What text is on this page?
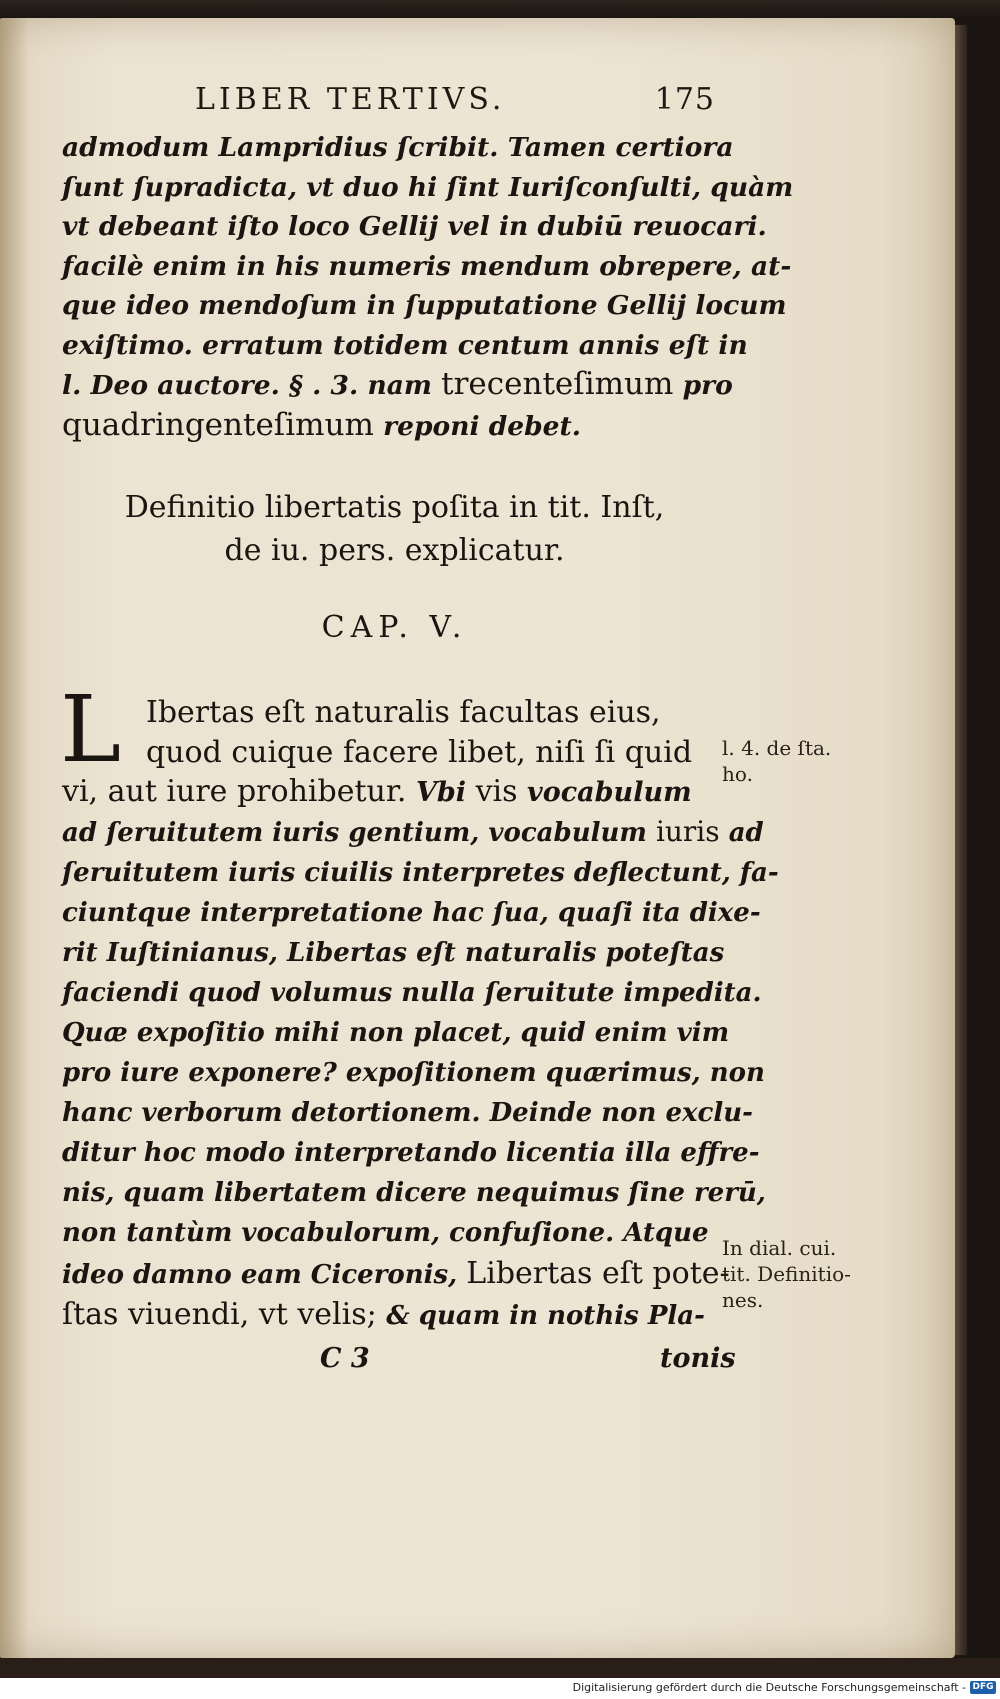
LIBER TERTIVS.	175
admodum Lampridius ſcribit. Tamen certiora
ſunt ſupradicta, vt duo hi ſint Iuriſconſulti, quàm
vt debeant iſto loco Gellij vel in dubiū reuocari.
facilè enim in his numeris mendum obrepere, at-
que ideo mendoſum in ſupputatione Gellij locum
exiſtimo. erratum totidem centum annis eſt in
l. Deo auctore. § . 3. nam trecenteſimum pro
quadringenteſimum reponi debet.
Definitio libertatis poſita in tit. Inſt,
de iu. pers. explicatur.
CAP. V.
L Ibertas eſt naturalis facultas eius,
quod cuique facere libet, niſi ſi quid
vi, aut iure prohibetur. Vbi vis vocabulum
ad ſeruitutem iuris gentium, vocabulum iuris ad
ſeruitutem iuris ciuilis interpretes deflectunt, fa-
ciuntque interpretatione hac ſua, quaſi ita dixe-
rit Iuſtinianus, Libertas eſt naturalis poteſtas
faciendi quod volumus nulla ſeruitute impedita.
Quæ expoſitio mihi non placet, quid enim vim
pro iure exponere? expoſitionem quærimus, non
hanc verborum detortionem. Deinde non exclu-
ditur hoc modo interpretando licentia illa effre-
nis, quam libertatem dicere nequimus ſine rerū,
non tantùm vocabulorum, confuſione. Atque
ideo damno eam Ciceronis, Libertas eſt pote-
ſtas viuendi, vt velis; & quam in nothis Pla-
l. 4. de ſta.
ho.
In dial. cui.
tit. Definitio-
nes.
C 3	tonis
Digitalisierung gefördert durch die Deutsche Forschungsgemeinschaft - DFG
